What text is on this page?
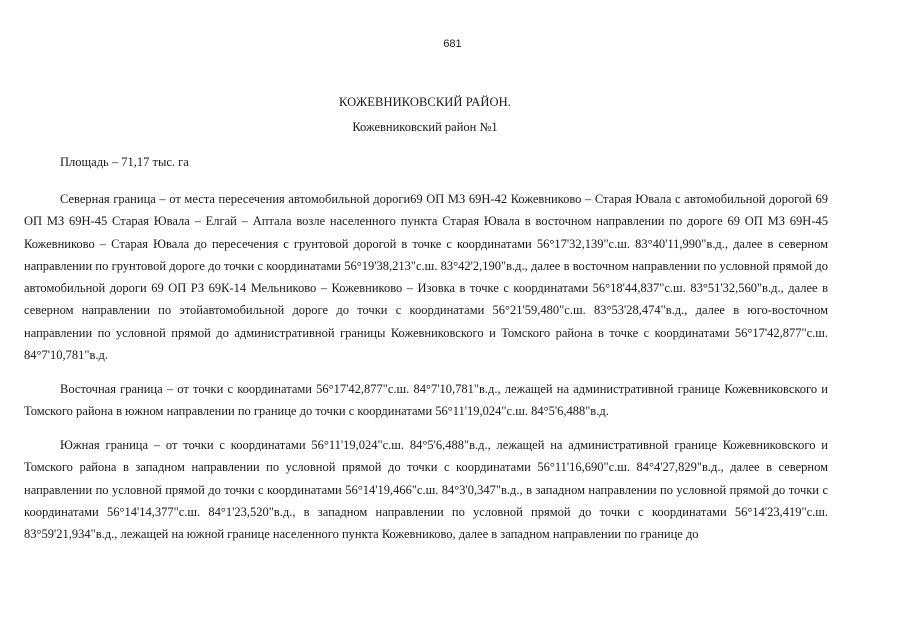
681

КОЖЕВНИКОВСКИЙ РАЙОН.
Кожевниковский район №1

Площадь – 71,17 тыс. га

Северная граница – от места пересечения автомобильной дороги69 ОП МЗ 69Н-42 Кожевниково – Старая Ювала с автомобильной дорогой 69 ОП МЗ 69Н-45 Старая Ювала – Елгай – Аптала возле населенного пункта Старая Ювала в восточном направлении по дороге 69 ОП МЗ 69Н-45 Кожевниково – Старая Ювала до пересечения с грунтовой дорогой в точке с координатами 56°17'32,139"с.ш. 83°40'11,990"в.д., далее в северном направлении по грунтовой дороге до точки с координатами 56°19'38,213"с.ш. 83°42'2,190"в.д., далее в восточном направлении по условной прямой до автомобильной дороги 69 ОП РЗ 69К-14 Мельниково – Кожевниково – Изовка в точке с координатами 56°18'44,837"с.ш. 83°51'32,560"в.д., далее в северном направлении по этойавтомобильной дороге до точки с координатами 56°21'59,480"с.ш. 83°53'28,474"в.д., далее в юго-восточном направлении по условной прямой до административной границы Кожевниковского и Томского района в точке с координатами 56°17'42,877"с.ш. 84°7'10,781"в.д.

Восточная граница – от точки с координатами 56°17'42,877"с.ш. 84°7'10,781"в.д., лежащей на административной границе Кожевниковского и Томского района в южном направлении по границе до точки с координатами 56°11'19,024"с.ш. 84°5'6,488"в.д.

Южная граница – от точки с координатами 56°11'19,024"с.ш. 84°5'6,488"в.д., лежащей на административной границе Кожевниковского и Томского района в западном направлении по условной прямой до точки с координатами 56°11'16,690"с.ш. 84°4'27,829"в.д., далее в северном направлении по условной прямой до точки с координатами 56°14'19,466"с.ш. 84°3'0,347"в.д., в западном направлении по условной прямой до точки с координатами 56°14'14,377"с.ш. 84°1'23,520"в.д., в западном направлении по условной прямой до точки с координатами 56°14'23,419"с.ш. 83°59'21,934"в.д., лежащей на южной границе населенного пункта Кожевниково, далее в западном направлении по границе до
